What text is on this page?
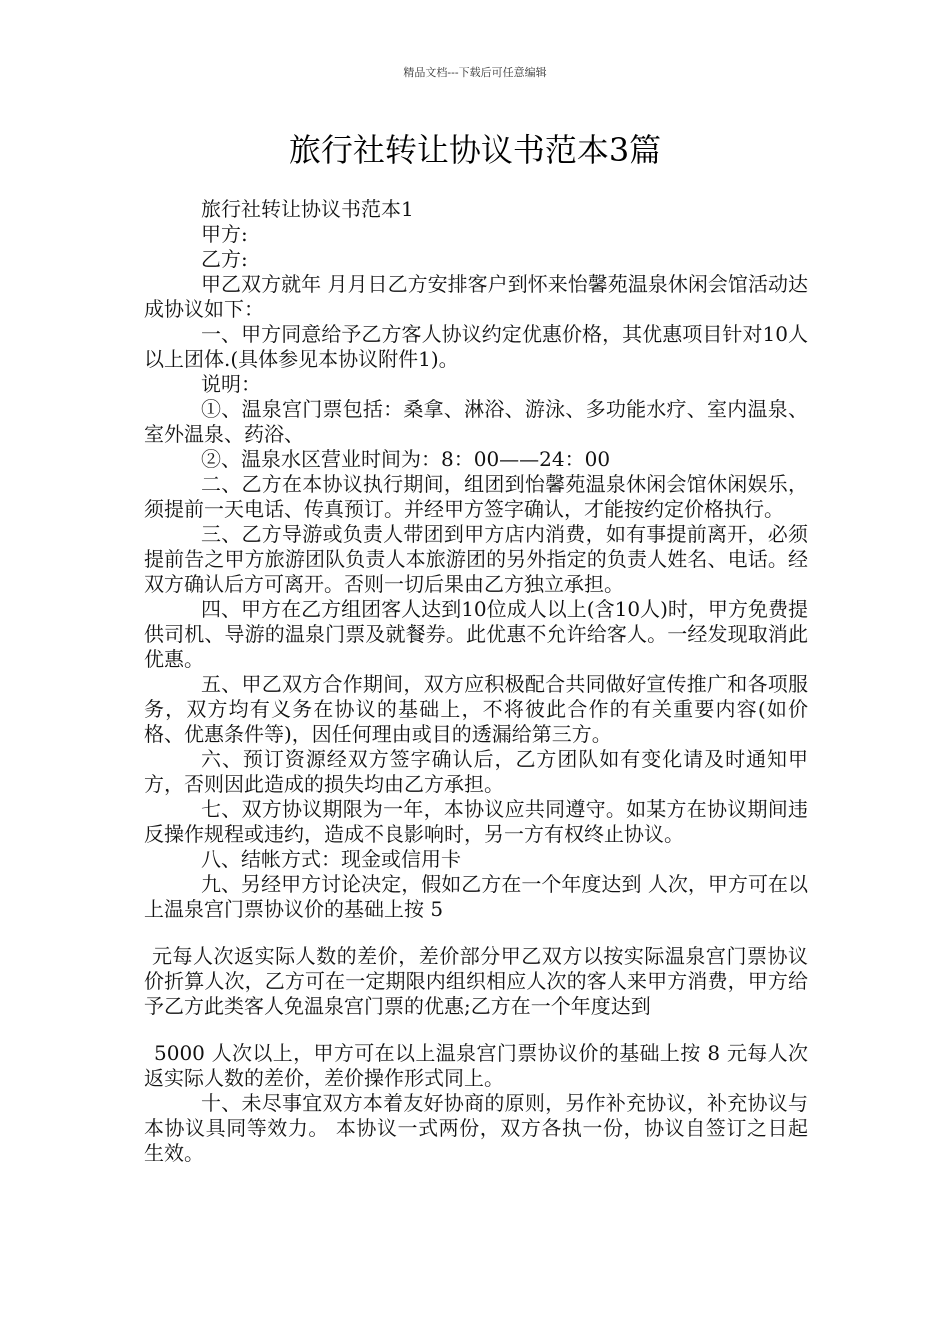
精品文档---下载后可任意编辑
旅行社转让协议书范本3篇

旅行社转让协议书范本1

甲方:

乙方:

甲乙双方就年 月月日乙方安排客户到怀来怡馨苑温泉休闲会馆活动达成协议如下：

一、甲方同意给予乙方客人协议约定优惠价格，其优惠项目针对10人以上团体.(具体参见本协议附件1)。

说明：

①、温泉宫门票包括：桑拿、淋浴、游泳、多功能水疗、室内温泉、室外温泉、药浴、

②、温泉水区营业时间为：8：00——24：00

二、乙方在本协议执行期间，组团到怡馨苑温泉休闲会馆休闲娱乐，须提前一天电话、传真预订。并经甲方签字确认，才能按约定价格执行。

三、乙方导游或负责人带团到甲方店内消费，如有事提前离开，必须提前告之甲方旅游团队负责人本旅游团的另外指定的负责人姓名、电话。经双方确认后方可离开。否则一切后果由乙方独立承担。

四、甲方在乙方组团客人达到10位成人以上(含10人)时，甲方免费提供司机、导游的温泉门票及就餐券。此优惠不允许给客人。一经发现取消此优惠。

五、甲乙双方合作期间，双方应积极配合共同做好宣传推广和各项服务，双方均有义务在协议的基础上，不将彼此合作的有关重要内容(如价格、优惠条件等)，因任何理由或目的透漏给第三方。

六、预订资源经双方签字确认后，乙方团队如有变化请及时通知甲方，否则因此造成的损失均由乙方承担。

七、双方协议期限为一年，本协议应共同遵守。如某方在协议期间违反操作规程或违约，造成不良影响时，另一方有权终止协议。

八、结帐方式：现金或信用卡

九、另经甲方讨论决定，假如乙方在一个年度达到 人次，甲方可在以上温泉宫门票协议价的基础上按 5

元每人次返实际人数的差价，差价部分甲乙双方以按实际温泉宫门票协议价折算人次，乙方可在一定期限内组织相应人次的客人来甲方消费，甲方给予乙方此类客人免温泉宫门票的优惠;乙方在一个年度达到

5000 人次以上，甲方可在以上温泉宫门票协议价的基础上按 8 元每人次返实际人数的差价，差价操作形式同上。

十、未尽事宜双方本着友好协商的原则，另作补充协议，补充协议与本协议具同等效力。 本协议一式两份，双方各执一份，协议自签订之日起生效。
